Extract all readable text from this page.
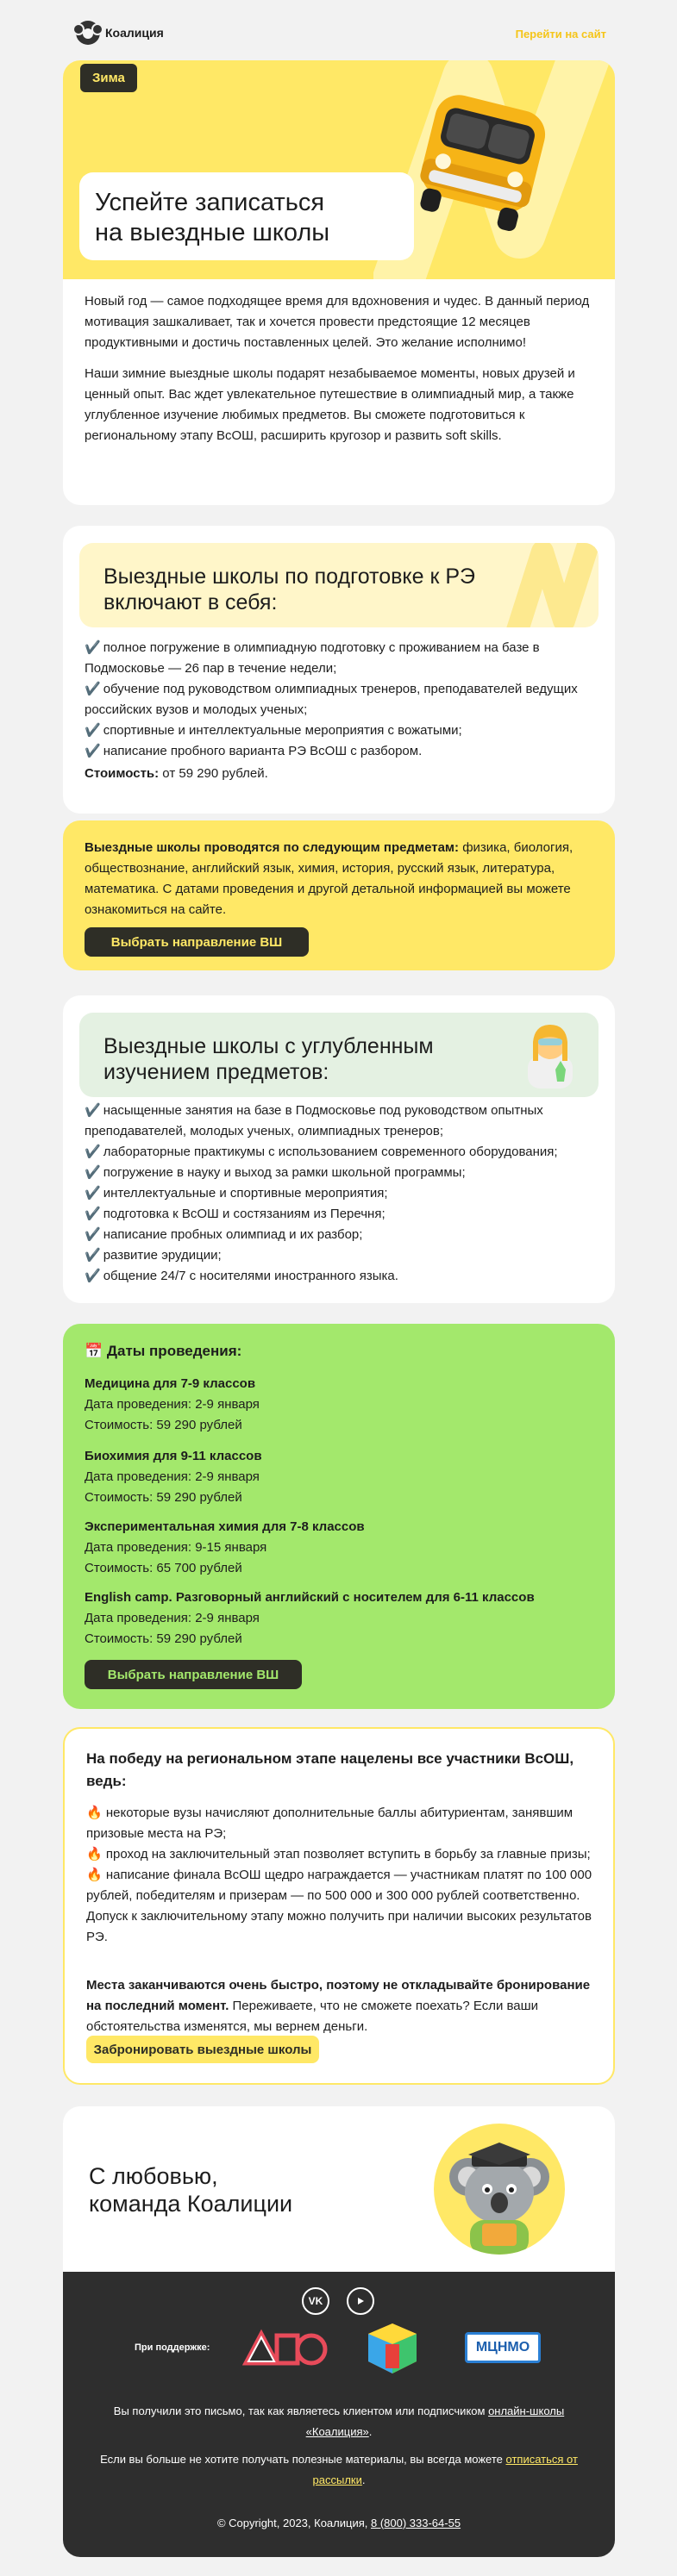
Коалиция	Перейти на сайт
Зима
Успейте записаться
на выездные школы

Новый год — самое подходящее время для вдохновения и чудес. В данный период мотивация зашкаливает, так и хочется провести предстоящие 12 месяцев продуктивными и достичь поставленных целей. Это желание исполнимо!

Наши зимние выездные школы подарят незабываемое моменты, новых друзей и ценный опыт. Вас ждет увлекательное путешествие в олимпиадный мир, а также углубленное изучение любимых предметов. Вы сможете подготовиться к региональному этапу ВсОШ, расширить кругозор и развить soft skills.

Выездные школы по подготовке к РЭ
включают в себя:
✔️ полное погружение в олимпиадную подготовку с проживанием на базе в Подмосковье — 26 пар в течение недели;
✔️ обучение под руководством олимпиадных тренеров, преподавателей ведущих российских вузов и молодых ученых;
✔️ спортивные и интеллектуальные мероприятия с вожатыми;
✔️ написание пробного варианта РЭ ВсОШ с разбором.
Стоимость: от 59 290 рублей.
Выездные школы проводятся по следующим предметам: физика, биология, обществознание, английский язык, химия, история, русский язык, литература, математика. С датами проведения и другой детальной информацией вы можете ознакомиться на сайте.
Выбрать направление ВШ
Выездные школы с углубленным
изучением предметов:
✔️ насыщенные занятия на базе в Подмосковье под руководством опытных преподавателей, молодых ученых, олимпиадных тренеров;
✔️ лабораторные практикумы с использованием современного оборудования;
✔️ погружение в науку и выход за рамки школьной программы;
✔️ интеллектуальные и спортивные мероприятия;
✔️ подготовка к ВсОШ и состязаниям из Перечня;
✔️ написание пробных олимпиад и их разбор;
✔️ развитие эрудиции;
✔️ общение 24/7 с носителями иностранного языка.
📅 Даты проведения:
Медицина для 7-9 классов
Дата проведения: 2-9 января
Стоимость: 59 290 рублей
Биохимия для 9-11 классов
Дата проведения: 2-9 января
Стоимость: 59 290 рублей
Экспериментальная химия для 7-8 классов
Дата проведения: 9-15 января
Стоимость: 65 700 рублей
English camp. Разговорный английский с носителем для 6-11 классов
Дата проведения: 2-9 января
Стоимость: 59 290 рублей
Выбрать направление ВШ
На победу на региональном этапе нацелены все участники ВсОШ, ведь:
🔥 некоторые вузы начисляют дополнительные баллы абитуриентам, занявшим призовые места на РЭ;
🔥 проход на заключительный этап позволяет вступить в борьбу за главные призы;
🔥 написание финала ВсОШ щедро награждается — участникам платят по 100 000 рублей, победителям и призерам — по 500 000 и 300 000 рублей соответственно. Допуск к заключительному этапу можно получить при наличии высоких результатов РЭ.
Места заканчиваются очень быстро, поэтому не откладывайте бронирование на последний момент. Переживаете, что не сможете поехать? Если ваши обстоятельства изменятся, мы вернем деньги.
Забронировать выездные школы
С любовью,
команда Коалиции
VK
При поддержке:	МЦНМО
Вы получили это письмо, так как являетесь клиентом или подписчиком онлайн-школы «Коалиция».
Если вы больше не хотите получать полезные материалы, вы всегда можете отписаться от рассылки.
© Copyright, 2023, Коалиция, 8 (800) 333-64-55
